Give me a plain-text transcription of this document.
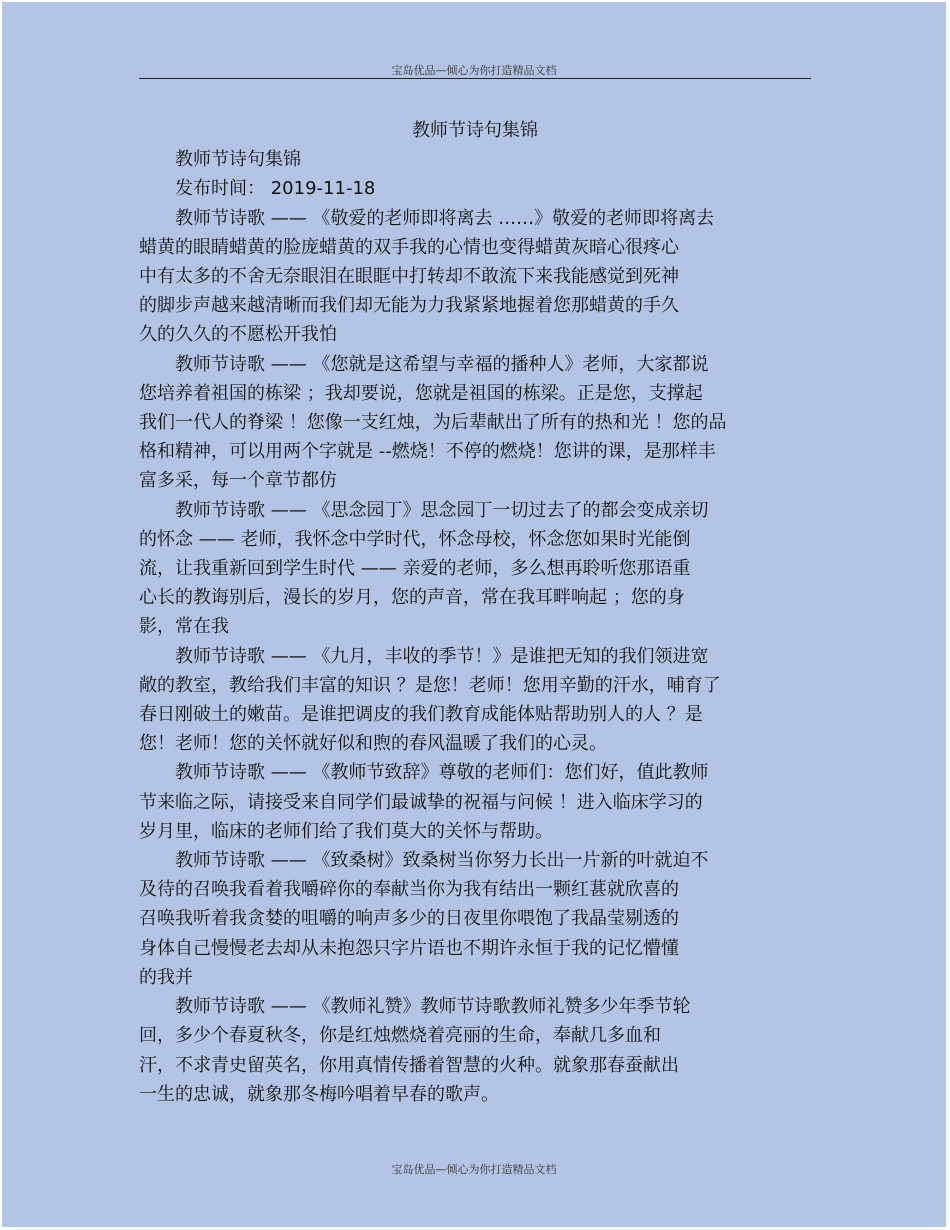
宝岛优品—倾心为你打造精品文档

教师节诗句集锦

教师节诗句集锦
发布时间： 2019-11-18
教师节诗歌 —— 《敬爱的老师即将离去 ……》敬爱的老师即将离去
蜡黄的眼睛蜡黄的脸庞蜡黄的双手我的心情也变得蜡黄灰暗心很疼心
中有太多的不舍无奈眼泪在眼眶中打转却不敢流下来我能感觉到死神
的脚步声越来越清晰而我们却无能为力我紧紧地握着您那蜡黄的手久
久的久久的不愿松开我怕
教师节诗歌 —— 《您就是这希望与幸福的播种人》老师，大家都说
您培养着祖国的栋梁 ；我却要说，您就是祖国的栋梁。正是您，支撑起
我们一代人的脊梁 ！您像一支红烛，为后辈献出了所有的热和光 ！您的品
格和精神，可以用两个字就是 --燃烧！不停的燃烧！您讲的课，是那样丰
富多采，每一个章节都仿
教师节诗歌 —— 《思念园丁》思念园丁一切过去了的都会变成亲切
的怀念 —— 老师，我怀念中学时代，怀念母校，怀念您如果时光能倒
流，让我重新回到学生时代 —— 亲爱的老师，多么想再聆听您那语重
心长的教诲别后，漫长的岁月，您的声音，常在我耳畔响起 ；您的身
影，常在我
教师节诗歌 —— 《九月，丰收的季节！》是谁把无知的我们领进宽
敞的教室，教给我们丰富的知识 ？是您！老师！您用辛勤的汗水，哺育了
春日刚破土的嫩苗。是谁把调皮的我们教育成能体贴帮助别人的人 ？是
您！老师！您的关怀就好似和煦的春风温暖了我们的心灵。
教师节诗歌 —— 《教师节致辞》尊敬的老师们：您们好，值此教师
节来临之际，请接受来自同学们最诚挚的祝福与问候 ！进入临床学习的
岁月里，临床的老师们给了我们莫大的关怀与帮助。
教师节诗歌 —— 《致桑树》致桑树当你努力长出一片新的叶就迫不
及待的召唤我看着我嚼碎你的奉献当你为我有结出一颗红葚就欣喜的
召唤我听着我贪婪的咀嚼的响声多少的日夜里你喂饱了我晶莹剔透的
身体自己慢慢老去却从未抱怨只字片语也不期许永恒于我的记忆懵懂
的我并
教师节诗歌 —— 《教师礼赞》教师节诗歌教师礼赞多少年季节轮
回，多少个春夏秋冬，你是红烛燃烧着亮丽的生命，奉献几多血和
汗，不求青史留英名，你用真情传播着智慧的火种。就象那春蚕献出
一生的忠诚，就象那冬梅吟唱着早春的歌声。
宝岛优品—倾心为你打造精品文档
